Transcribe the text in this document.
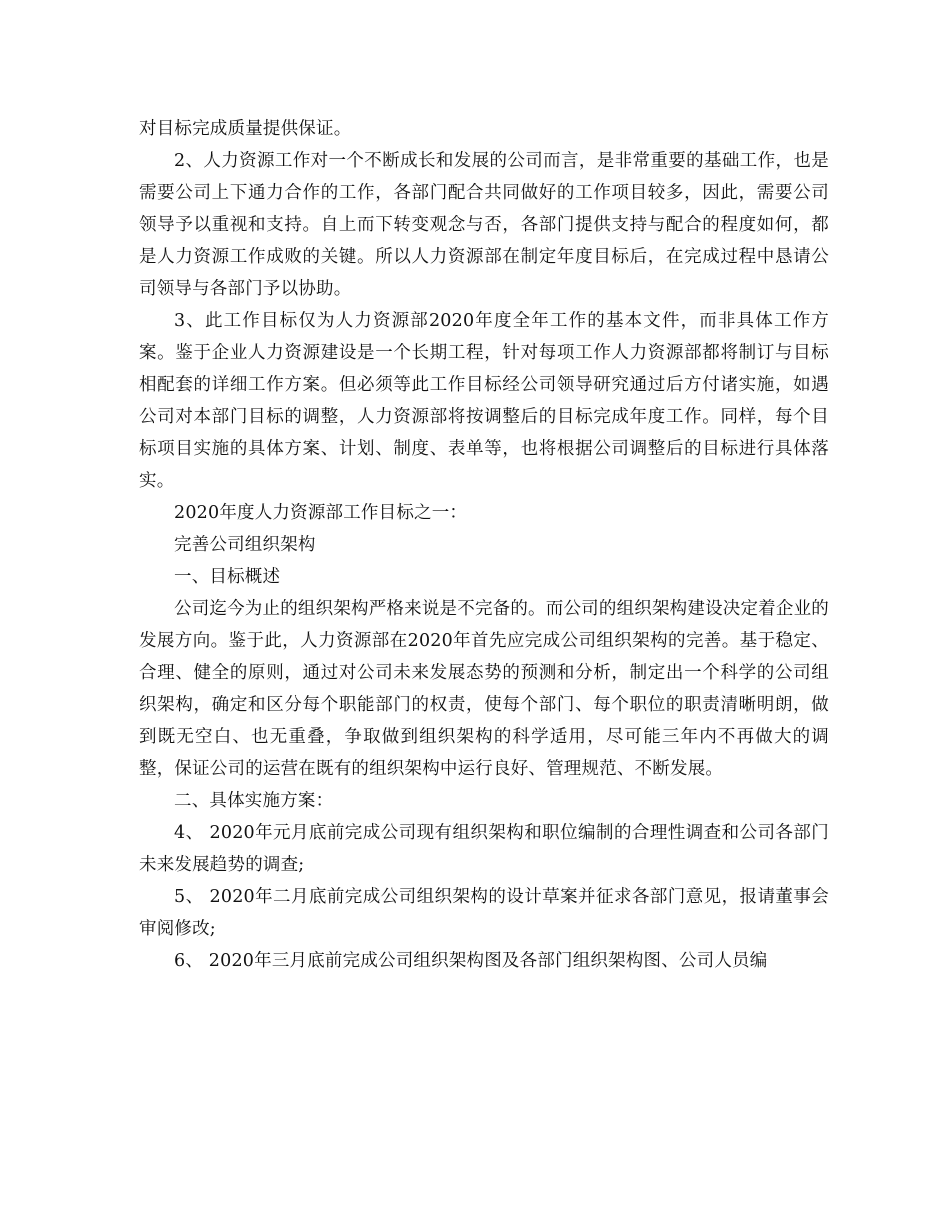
对目标完成质量提供保证。

2、人力资源工作对一个不断成长和发展的公司而言，是非常重要的基础工作，也是需要公司上下通力合作的工作，各部门配合共同做好的工作项目较多，因此，需要公司领导予以重视和支持。自上而下转变观念与否，各部门提供支持与配合的程度如何，都是人力资源工作成败的关键。所以人力资源部在制定年度目标后，在完成过程中恳请公司领导与各部门予以协助。

3、此工作目标仅为人力资源部2020年度全年工作的基本文件，而非具体工作方案。鉴于企业人力资源建设是一个长期工程，针对每项工作人力资源部都将制订与目标相配套的详细工作方案。但必须等此工作目标经公司领导研究通过后方付诸实施，如遇公司对本部门目标的调整，人力资源部将按调整后的目标完成年度工作。同样，每个目标项目实施的具体方案、计划、制度、表单等，也将根据公司调整后的目标进行具体落实。

2020年度人力资源部工作目标之一：

完善公司组织架构

一、目标概述

公司迄今为止的组织架构严格来说是不完备的。而公司的组织架构建设决定着企业的发展方向。鉴于此，人力资源部在2020年首先应完成公司组织架构的完善。基于稳定、合理、健全的原则，通过对公司未来发展态势的预测和分析，制定出一个科学的公司组织架构，确定和区分每个职能部门的权责，使每个部门、每个职位的职责清晰明朗，做到既无空白、也无重叠，争取做到组织架构的科学适用，尽可能三年内不再做大的调整，保证公司的运营在既有的组织架构中运行良好、管理规范、不断发展。

二、具体实施方案：

4、 2020年元月底前完成公司现有组织架构和职位编制的合理性调查和公司各部门未来发展趋势的调查;

5、 2020年二月底前完成公司组织架构的设计草案并征求各部门意见，报请董事会审阅修改;

6、 2020年三月底前完成公司组织架构图及各部门组织架构图、公司人员编
